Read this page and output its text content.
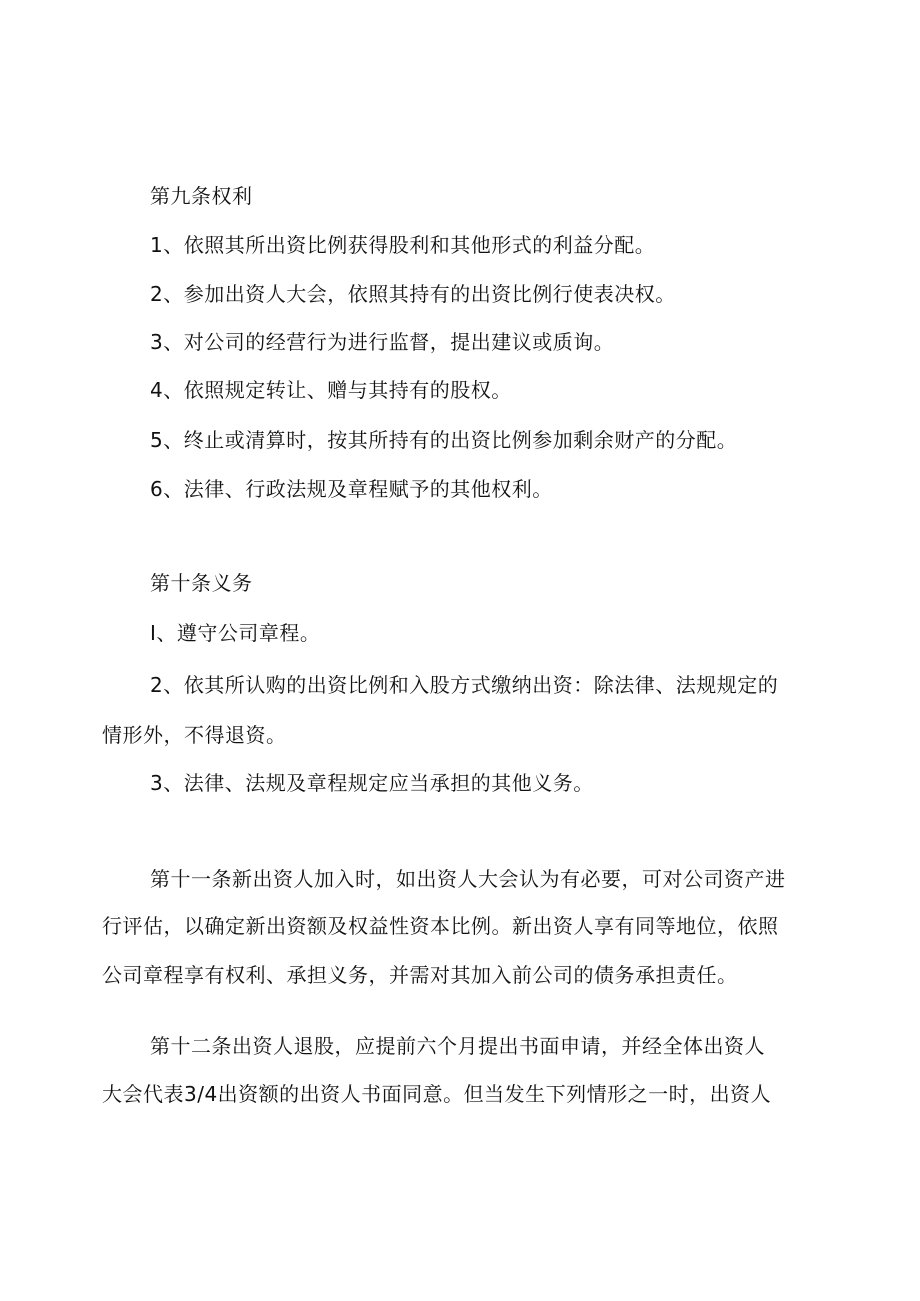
第九条权利
1、依照其所出资比例获得股利和其他形式的利益分配。
2、参加出资人大会，依照其持有的出资比例行使表决权。
3、对公司的经营行为进行监督，提出建议或质询。
4、依照规定转让、赠与其持有的股权。
5、终止或清算时，按其所持有的出资比例参加剩余财产的分配。
6、法律、行政法规及章程赋予的其他权利。
第十条义务
I、遵守公司章程。
2、依其所认购的出资比例和入股方式缴纳出资：除法律、法规规定的
情形外，不得退资。
3、法律、法规及章程规定应当承担的其他义务。
第十一条新出资人加入时，如出资人大会认为有必要，可对公司资产进
行评估，以确定新出资额及权益性资本比例。新出资人享有同等地位，依照
公司章程享有权利、承担义务，并需对其加入前公司的债务承担责任。
第十二条出资人退股，应提前六个月提出书面申请，并经全体出资人
大会代表3/4出资额的出资人书面同意。但当发生下列情形之一时，出资人
